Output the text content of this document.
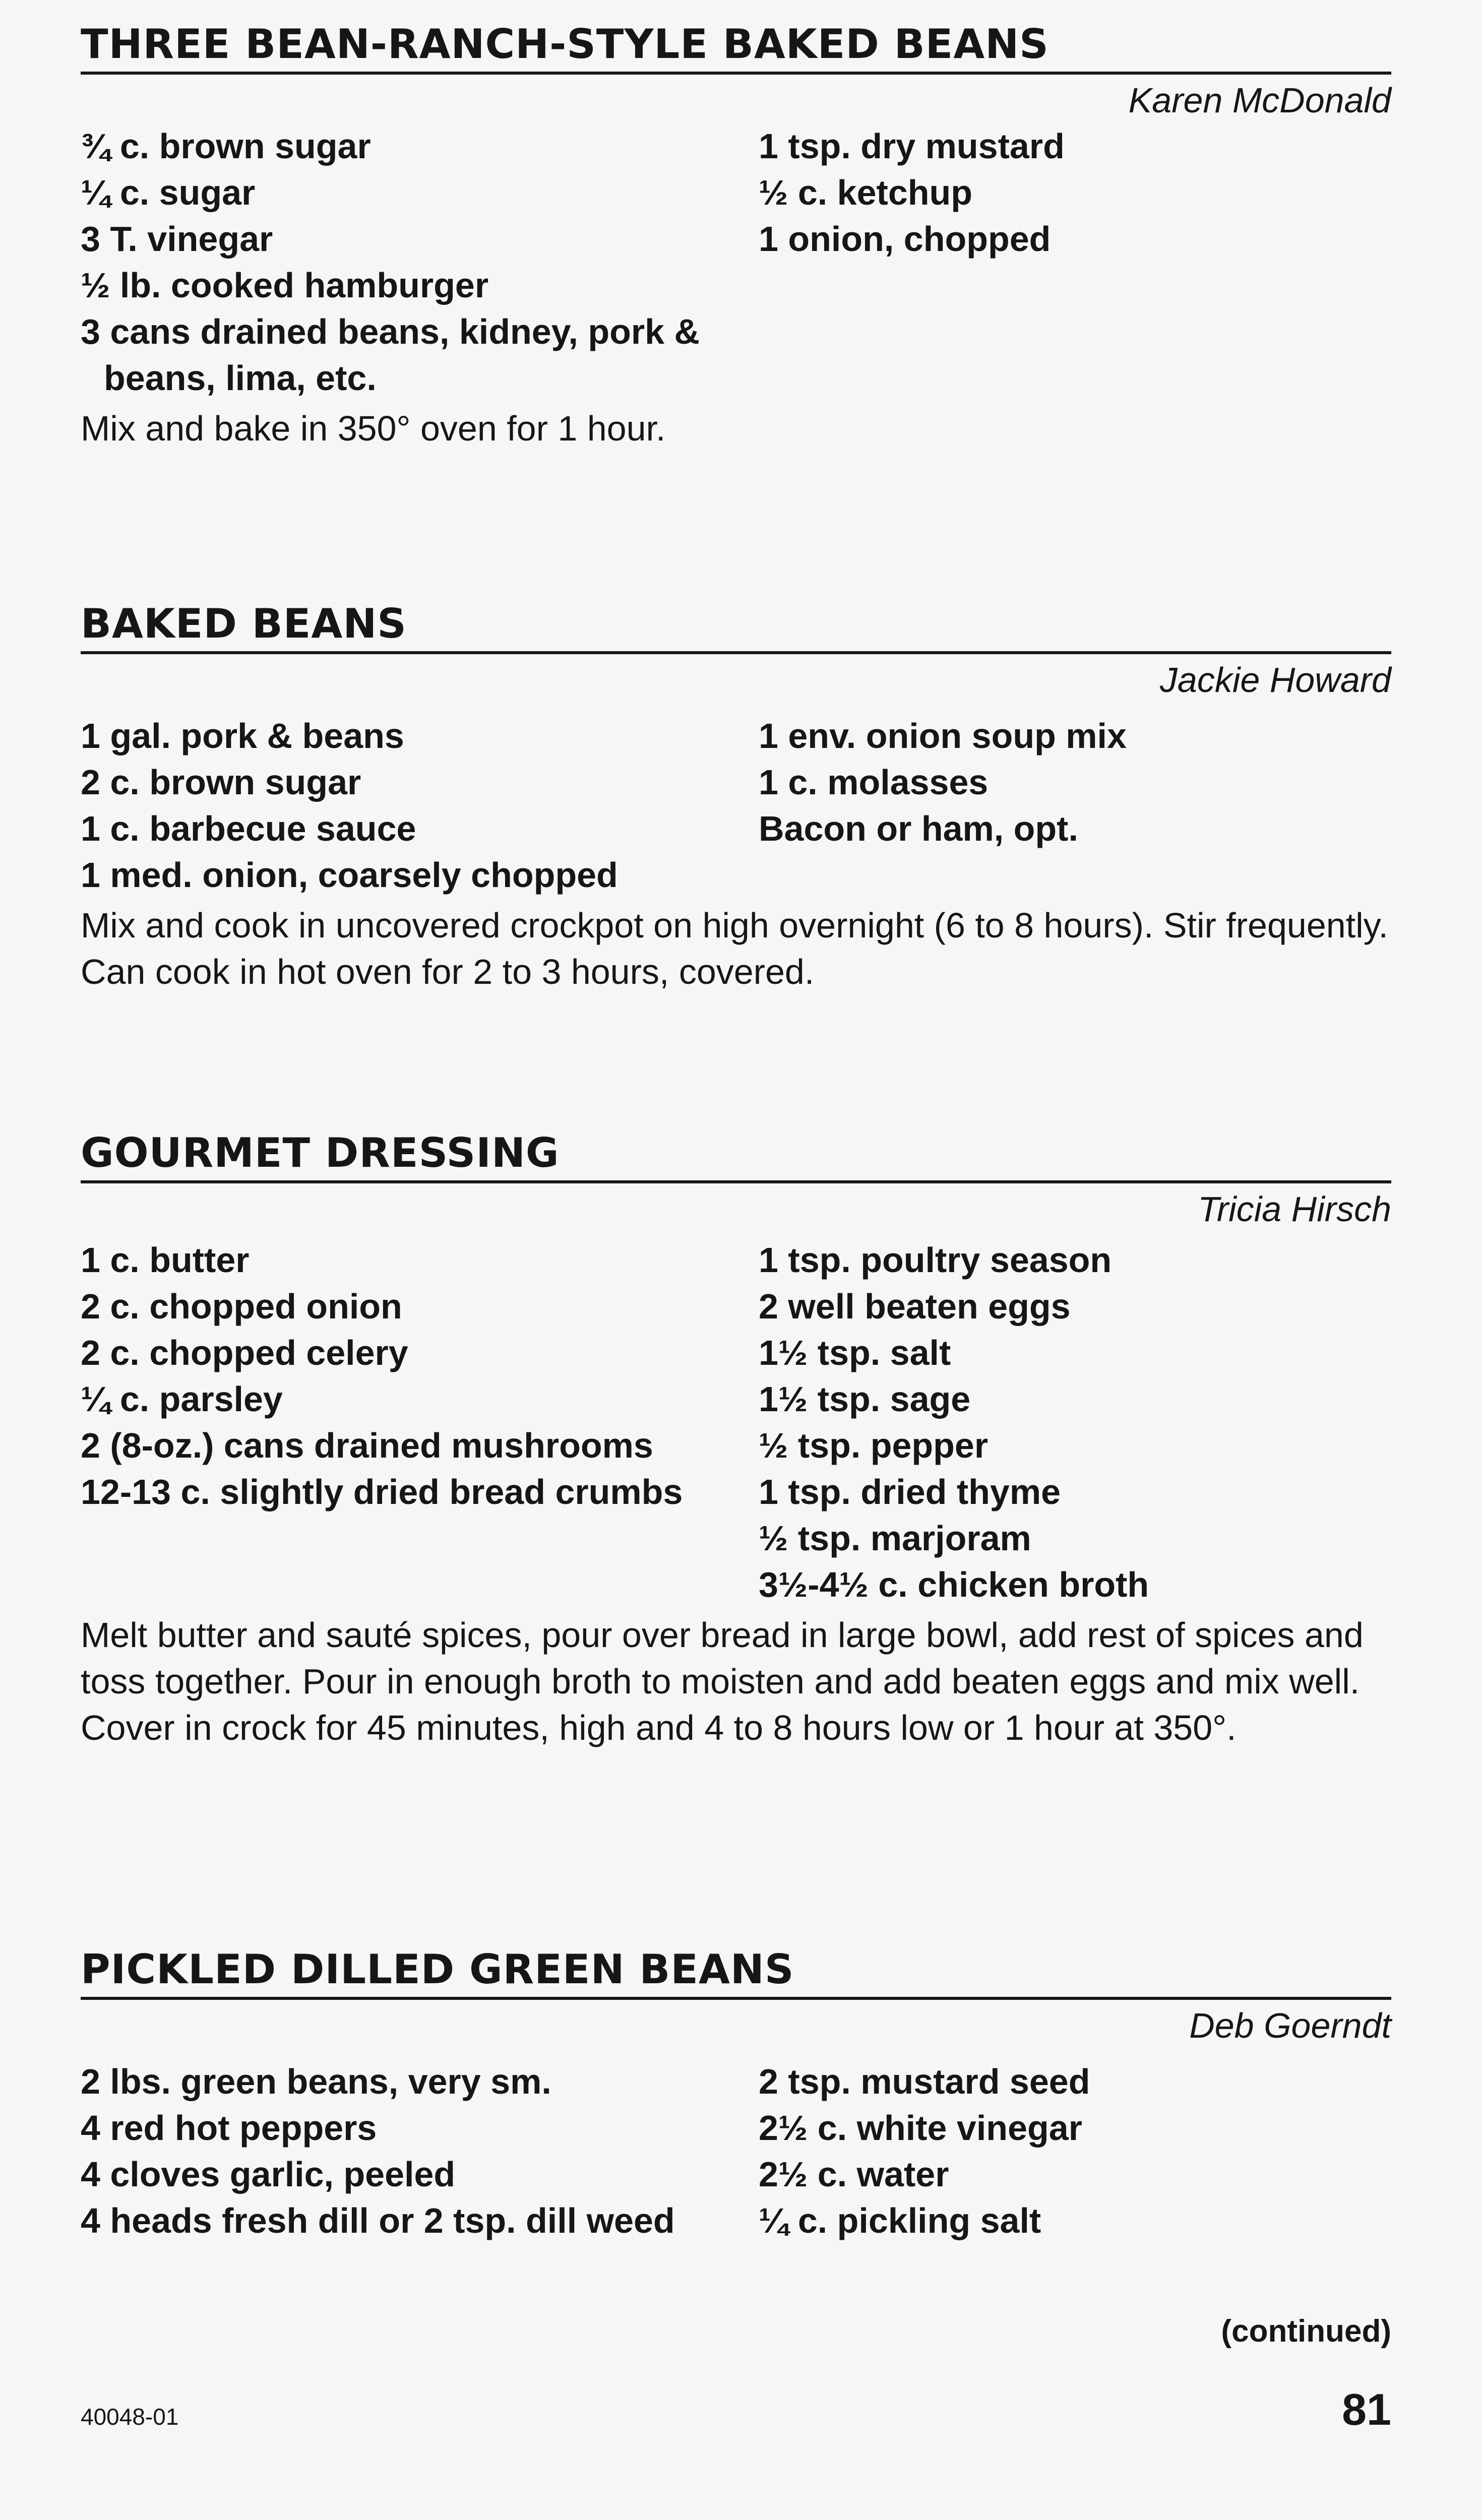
THREE BEAN-RANCH-STYLE BAKED BEANS
Karen McDonald
¾ c. brown sugar
¼ c. sugar
3 T. vinegar
½ lb. cooked hamburger
3 cans drained beans, kidney, pork & beans, lima, etc.
1 tsp. dry mustard
½ c. ketchup
1 onion, chopped
Mix and bake in 350° oven for 1 hour.
BAKED BEANS
Jackie Howard
1 gal. pork & beans
2 c. brown sugar
1 c. barbecue sauce
1 med. onion, coarsely chopped
1 env. onion soup mix
1 c. molasses
Bacon or ham, opt.
Mix and cook in uncovered crockpot on high overnight (6 to 8 hours). Stir frequently. Can cook in hot oven for 2 to 3 hours, covered.
GOURMET DRESSING
Tricia Hirsch
1 c. butter
2 c. chopped onion
2 c. chopped celery
¼ c. parsley
2 (8-oz.) cans drained mushrooms
12-13 c. slightly dried bread crumbs
1 tsp. poultry season
2 well beaten eggs
1½ tsp. salt
1½ tsp. sage
½ tsp. pepper
1 tsp. dried thyme
½ tsp. marjoram
3½-4½ c. chicken broth
Melt butter and sauté spices, pour over bread in large bowl, add rest of spices and toss together. Pour in enough broth to moisten and add beaten eggs and mix well. Cover in crock for 45 minutes, high and 4 to 8 hours low or 1 hour at 350°.
PICKLED DILLED GREEN BEANS
Deb Goerndt
2 lbs. green beans, very sm.
4 red hot peppers
4 cloves garlic, peeled
4 heads fresh dill or 2 tsp. dill weed
2 tsp. mustard seed
2½ c. white vinegar
2½ c. water
¼ c. pickling salt
(continued)
40048-01	81
